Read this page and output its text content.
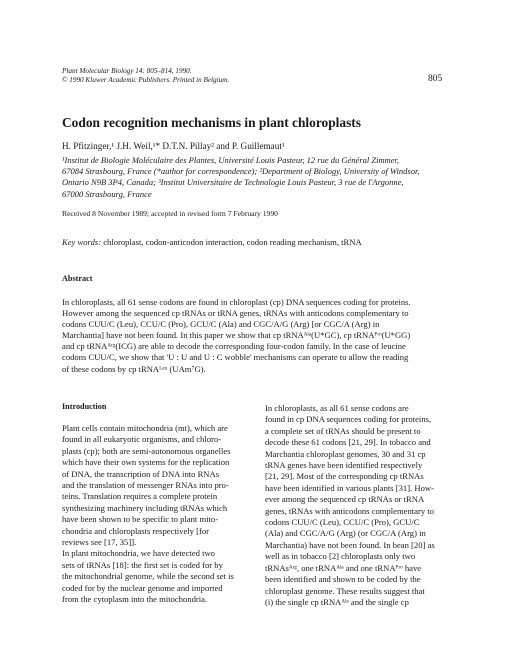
Plant Molecular Biology 14: 805–814, 1990.
© 1990 Kluwer Academic Publishers. Printed in Belgium.	805
Codon recognition mechanisms in plant chloroplasts
H. Pfitzinger,¹ J.H. Weil,¹* D.T.N. Pillay² and P. Guillemaut¹
¹Institut de Biologie Moléculaire des Plantes, Université Louis Pasteur, 12 rue du Général Zimmer,
67084 Strasbourg, France (*author for correspondence); ²Department of Biology, University of Windsor,
Ontario N9B 3P4, Canada; ³Institut Universitaire de Technologie Louis Pasteur, 3 rue de l'Argonne,
67000 Strasbourg, France
Received 8 November 1989; accepted in revised form 7 February 1990
Key words: chloroplast, codon-anticodon interaction, codon reading mechanism, tRNA
Abstract
In chloroplasts, all 61 sense codons are found in chloroplast (cp) DNA sequences coding for proteins.
However among the sequenced cp tRNAs or tRNA genes, tRNAs with anticodons complementary to
codons CUU/C (Leu), CCU/C (Pro), GCU/C (Ala) and CGC/A/G (Arg) [or CGC/A (Arg) in
Marchantia] have not been found. In this paper we show that cp tRNAᴬˡᵃ(U*GC), cp tRNAᴾʳᵒ(U*GG)
and cp tRNAᴬʳᵍ(ICG) are able to decode the corresponding four-codon family. In the case of leucine
codons CUU/C, we show that 'U : U and U : C wobble' mechanisms can operate to allow the reading
of these codons by cp tRNAᴸᵉᵘ (UAm⁷G).
Introduction
Plant cells contain mitochondria (mt), which are
found in all eukaryotic organisms, and chloro-
plasts (cp); both are semi-autonomous organelles
which have their own systems for the replication
of DNA, the transcription of DNA into RNAs
and the translation of messenger RNAs into pro-
teins. Translation requires a complete protein
synthesizing machinery including tRNAs which
have been shown to be specific to plant mito-
chondria and chloroplasts respectively [for
reviews see [17, 35]].
In plant mitochondria, we have detected two
sets of tRNAs [18]: the first set is coded for by
the mitochondrial genome, while the second set is
coded for by the nuclear genome and imported
from the cytoplasm into the mitochondria.
In chloroplasts, as all 61 sense codons are
found in cp DNA sequences coding for proteins,
a complete set of tRNAs should be present to
decode these 61 codons [21, 29]. In tobacco and
Marchantia chloroplast genomes, 30 and 31 cp
tRNA genes have been identified respectively
[21, 29]. Most of the corresponding cp tRNAs
have been identified in various plants [31]. How-
ever among the sequenced cp tRNAs or tRNA
genes, tRNAs with anticodons complementary to
codons CUU/C (Leu), CCU/C (Pro), GCU/C
(Ala) and CGC/A/G (Arg) (or CGC/A (Arg) in
Marchantia) have not been found. In bean [20] as
well as in tobacco [2] chloroplasts only two
tRNAsᴬʳᵍ, one tRNAᴬˡᵃ and one tRNAᴾʳᵒ have
been identified and shown to be coded by the
chloroplast genome. These results suggest that
(i) the single cp tRNAᴬˡᵃ and the single cp
